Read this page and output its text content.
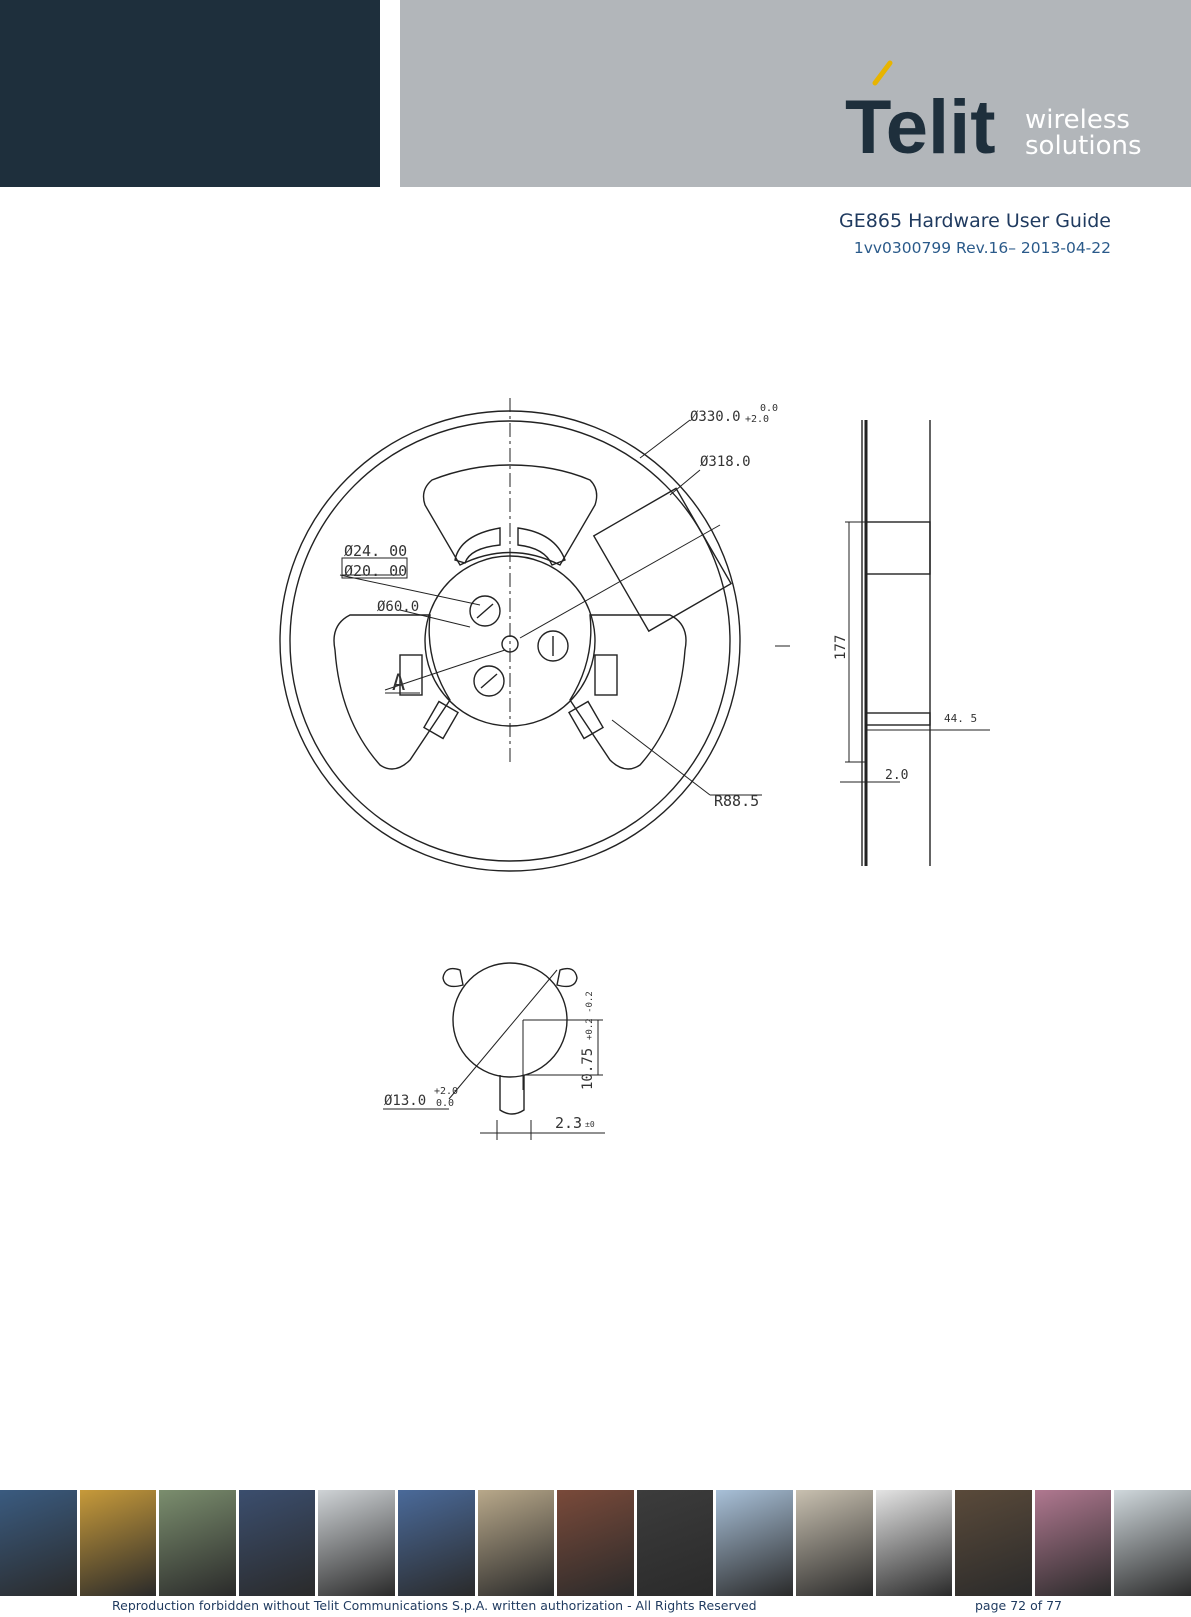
Telit wireless
solutions
GE865 Hardware User Guide
1vv0300799 Rev.16– 2013-04-22
Ø330.0
0.0
+2.0
Ø318.0
Ø24. 00
Ø20. 00
Ø60.0
A
R88.5
177
44. 5
2.0
Ø13.0
+2.0
0.0
10.75
+0.2 -0.2
2.3 ±0
Reproduction forbidden without Telit Communications S.p.A. written authorization - All Rights Reserved	page 72 of 77
